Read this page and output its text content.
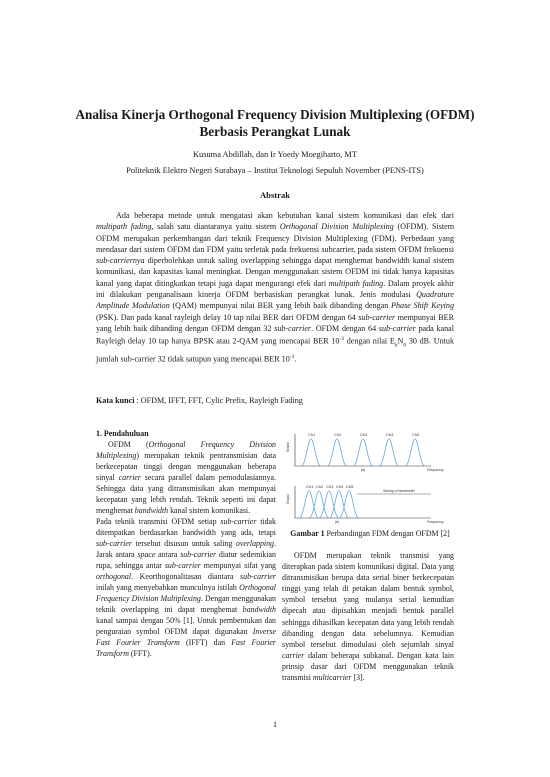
Analisa Kinerja Orthogonal Frequency Division Multiplexing (OFDM)
Berbasis Perangkat Lunak
Kusuma Abdillah, dan Ir Yoedy Moegiharto, MT
Politeknik Elektro Negeri Surabaya – Institut Teknologi Sepuluh November (PENS-ITS)
Abstrak

Ada beberapa metode untuk mengatasi akan kebutuhan kanal sistem komunikasi dan efek dari multipath fading, salah satu diantaranya yaitu sistem Orthogonal Division Multiplexing (OFDM). Sistem OFDM merupakan perkembangan dari teknik Frequency Division Multiplexing (FDM). Perbedaan yang mendasar dari sistem OFDM dan FDM yaitu terletak pada frekuensi subcarrier, pada sistem OFDM frekuensi sub-carriernya diperbolehkan untuk saling overlapping sehingga dapat menghemat bandwidth kanal sistem komunikasi, dan kapasitas kanal meningkat. Dengan menggunakan sistem OFDM ini tidak hanya kapasitas kanal yang dapat ditingkatkan tetapi juga dapat mengurangi efek dari multipath fading. Dalam proyek akhir ini dilakukan penganalisaan kinerja OFDM berbasiskan perangkat lunak. Jenis modulasi Quadrature Amplitude Modulation (QAM) mempunyai nilai BER yang lebih baik dibanding dengan Phase Shift Keying (PSK). Dan pada kanal rayleigh delay 10 tap nilai BER dari OFDM dengan 64 sub-carrier mempunyai BER yang lebih baik dibanding dengan OFDM dengan 32 sub-carrier. OFDM dengan 64 sub-carrier pada kanal Rayleigh delay 10 tap hanya BPSK atau 2-QAM yang mencapai BER $10^{-3}$ dengan nilai $E_bN_0$ 30 dB. Untuk jumlah sub-carrier 32 tidak satupun yang mencapai BER $10^{-3}$.

Kata kunci : OFDM, IFFT, FFT, Cylic Prefix, Rayleigh Fading

1. Pendahuluan

OFDM (Orthogonal Frequency Division Multiplexing) merupakan teknik pentransmisian data berkecepatan tinggi dengan menggunakan beberapa sinyal carrier secara parallel dalam pemodulasiannya. Sehingga data yang ditransmisikan akan mempunyai kecepatan yang lebih rendah. Teknik seperti ini dapat menghemat bandwidth kanal sistem komunikasi.

Pada teknik transmisi OFDM setiap sub-carrier tidak ditempatkan berdasarkan bandwidth yang ada, tetapi sub-carrier tersebut disusun untuk saling overlapping. Jarak antara space antara sub-carrier diatur sedemikian rupa, sehingga antar sub-carrier mempunyai sifat yang orthogonal. Keorthogonalitasan diantara sub-carrier inilah yang menyebabkan munculnya istilah Orthogonal Frequency Division Multiplexing. Dengan menggunakan teknik overlapping ini dapat menghemat bandwidth kanal sampai dengan 50% [1]. Untuk pembentukan dan penguraian symbol OFDM dapat digunakan Inverse Fast Fourier Transform (IFFT) dan Fast Fourier Transform (FFT).

Ch1	Ch2	Ch3	Ch4	Ch5
Sinyal
(a)	Frequency
Ch1 Ch2 Ch3 Ch4 Ch5
Saving of bandwidth
Sinyal
(b)	Frequency
Gambar 1 Perbandingan FDM dengan OFDM [2]

OFDM merupakan teknik transmisi yang diterapkan pada sistem komunikasi digital. Data yang ditransmisikan berupa data serial biner berkecepatan tinggi yang telah di petakan dalam bentuk symbol, symbol tersebut yang mulanya serial kemudian dipecah atau dipisahkan menjadi bentuk parallel sehingga dihasilkan kecepatan data yang lebih rendah dibanding dengan data sebelumnya. Kemudian symbol tersebut dimodulasi oleh sejumlah sinyal carrier dalam beberapa subkanal. Dengan kata lain prinsip dasar dari OFDM menggunakan teknik transmisi multicarrier [3].

1
